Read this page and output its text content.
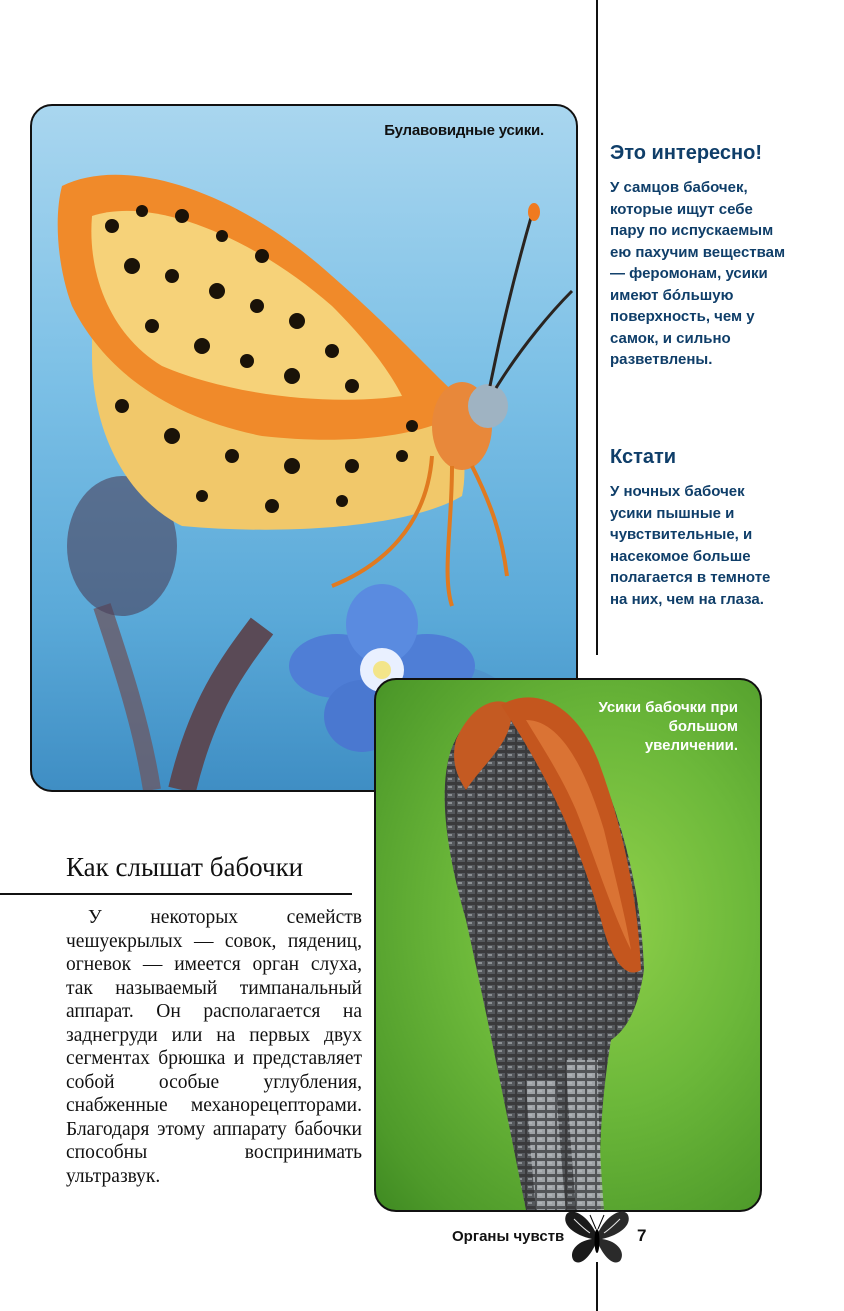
Булавовидные усики.

Это интересно!

У самцов бабочек, которые ищут себе пару по испускаемым ею пахучим веществам — феромонам, усики имеют бóльшую поверхность, чем у самок, и сильно разветвлены.

Кстати

У ночных бабочек усики пышные и чувствительные, и насекомое больше полагается в темноте на них, чем на глаза.

Усики бабочки при большом увеличении.
Как слышат бабочки

У некоторых семейств чешуекрылых — совок, пядениц, огневок — имеется орган слуха, так называемый тимпанальный аппарат. Он располагается на заднегруди или на первых двух сегментах брюшка и представляет собой особые углубления, снабженные механорецепторами. Благодаря этому аппарату бабочки способны воспринимать ультразвук.

Органы чувств	7
